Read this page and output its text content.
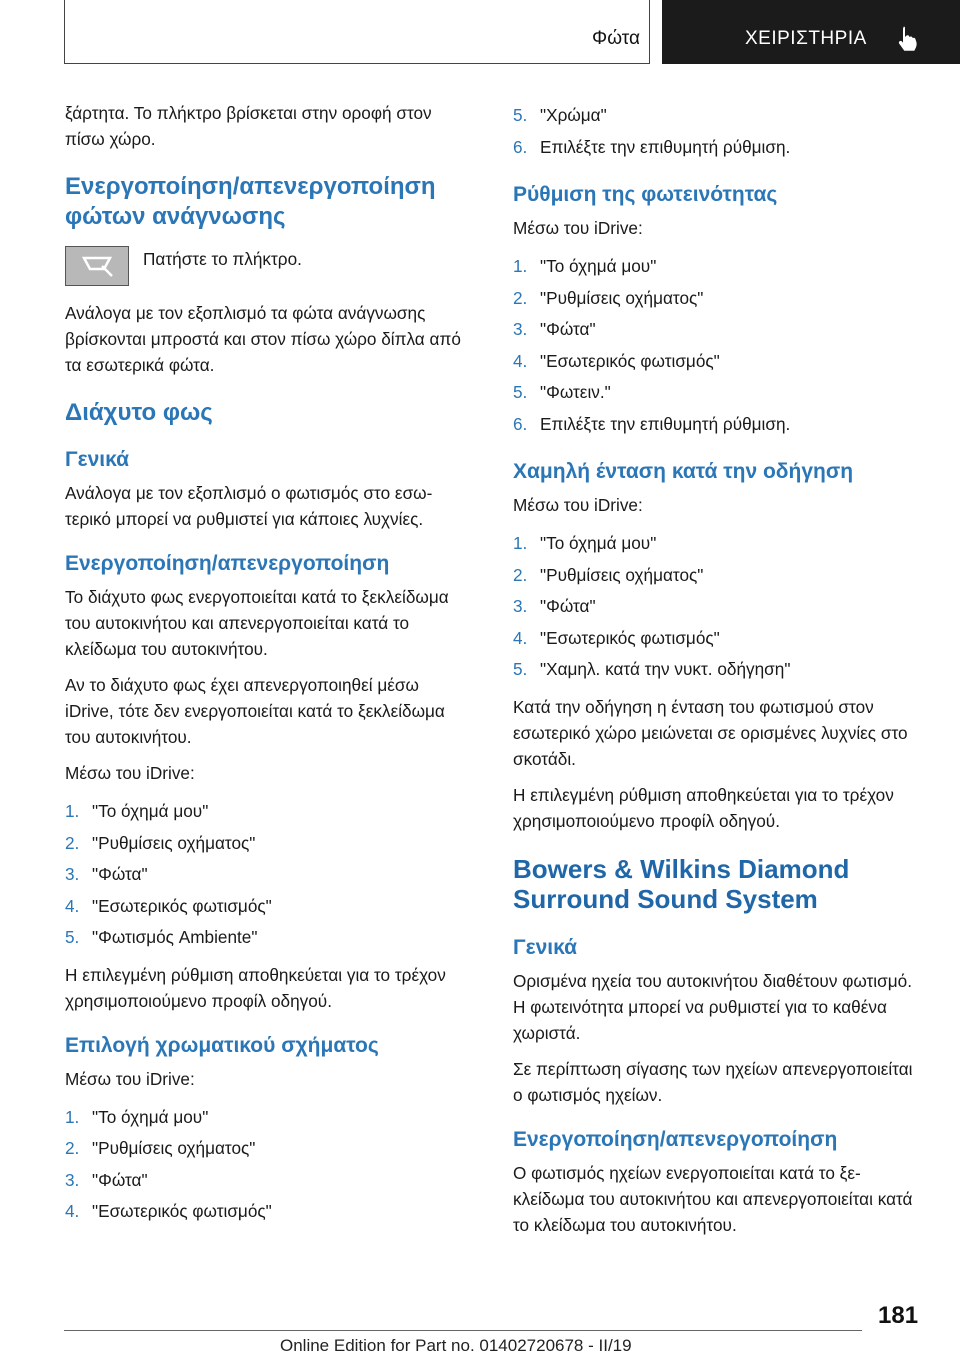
Φώτα	ΧΕΙΡΙΣΤΗΡΙΑ

ξάρτητα. Το πλήκτρο βρίσκεται στην οροφή στον πίσω χώρο.

Ενεργοποίηση/απενεργοποίηση φώτων ανάγνωσης

Πατήστε το πλήκτρο.

Ανάλογα με τον εξοπλισμό τα φώτα ανάγνωσης βρίσκονται μπροστά και στον πίσω χώρο δίπλα από τα εσωτερικά φώτα.

Διάχυτο φως
Γενικά

Ανάλογα με τον εξοπλισμό ο φωτισμός στο εσωτερικό μπορεί να ρυθμιστεί για κάποιες λυχνίες.

Ενεργοποίηση/απενεργοποίηση

Το διάχυτο φως ενεργοποιείται κατά το ξεκλείδωμα του αυτοκινήτου και απενεργοποιείται κατά το κλείδωμα του αυτοκινήτου.

Αν το διάχυτο φως έχει απενεργοποιηθεί μέσω iDrive, τότε δεν ενεργοποιείται κατά το ξεκλείδωμα του αυτοκινήτου.

Μέσω του iDrive:

1. "Το όχημά μου"
2. "Ρυθμίσεις οχήματος"
3. "Φώτα"
4. "Εσωτερικός φωτισμός"
5. "Φωτισμός Ambiente"

Η επιλεγμένη ρύθμιση αποθηκεύεται για το τρέχον χρησιμοποιούμενο προφίλ οδηγού.

Επιλογή χρωματικού σχήματος

Μέσω του iDrive:

1. "Το όχημά μου"
2. "Ρυθμίσεις οχήματος"
3. "Φώτα"
4. "Εσωτερικός φωτισμός"
5. "Χρώμα"
6. Επιλέξτε την επιθυμητή ρύθμιση.
Ρύθμιση της φωτεινότητας

Μέσω του iDrive:

1. "Το όχημά μου"
2. "Ρυθμίσεις οχήματος"
3. "Φώτα"
4. "Εσωτερικός φωτισμός"
5. "Φωτειν."
6. Επιλέξτε την επιθυμητή ρύθμιση.
Χαμηλή ένταση κατά την οδήγηση

Μέσω του iDrive:

1. "Το όχημά μου"
2. "Ρυθμίσεις οχήματος"
3. "Φώτα"
4. "Εσωτερικός φωτισμός"
5. "Χαμηλ. κατά την νυκτ. οδήγηση"

Κατά την οδήγηση η ένταση του φωτισμού στον εσωτερικό χώρο μειώνεται σε ορισμένες λυχνίες στο σκοτάδι.

Η επιλεγμένη ρύθμιση αποθηκεύεται για το τρέχον χρησιμοποιούμενο προφίλ οδηγού.

Bowers & Wilkins Diamond Surround Sound System
Γενικά

Ορισμένα ηχεία του αυτοκινήτου διαθέτουν φωτισμό. Η φωτεινότητα μπορεί να ρυθμιστεί για το καθένα χωριστά.

Σε περίπτωση σίγασης των ηχείων απενεργοποιείται ο φωτισμός ηχείων.

Ενεργοποίηση/απενεργοποίηση

Ο φωτισμός ηχείων ενεργοποιείται κατά το ξεκλείδωμα του αυτοκινήτου και απενεργοποιείται κατά το κλείδωμα του αυτοκινήτου.

181
Online Edition for Part no. 01402720678 - II/19
